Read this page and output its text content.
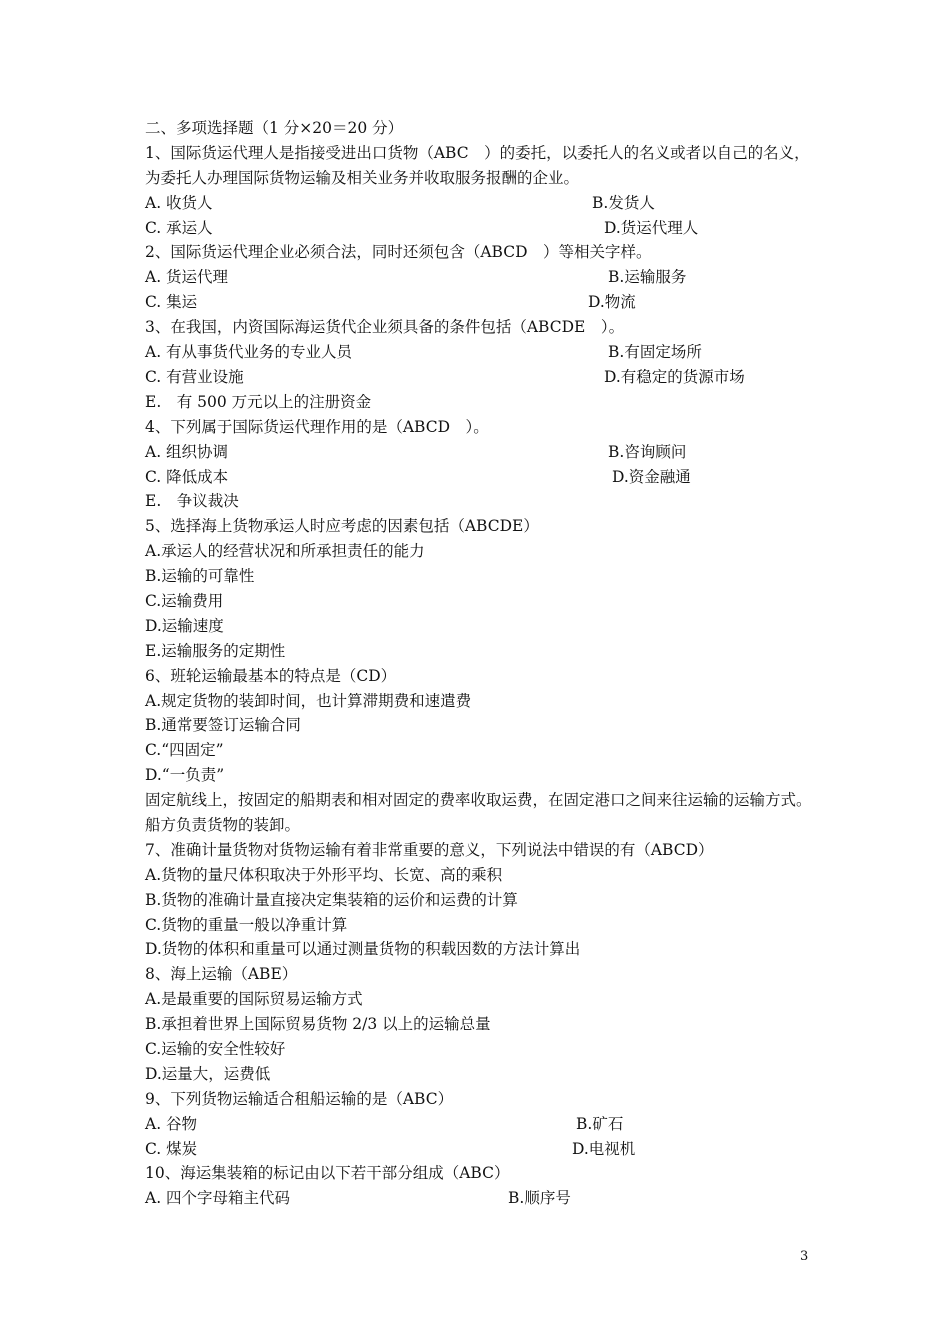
二、多项选择题（1 分×20＝20 分）
1、国际货运代理人是指接受进出口货物（ABC　）的委托，以委托人的名义或者以自己的名义，为委托人办理国际货物运输及相关业务并收取服务报酬的企业。
A. 收货人	B.发货人
C. 承运人	D.货运代理人
2、国际货运代理企业必须合法，同时还须包含（ABCD　）等相关字样。
A. 货运代理	B.运输服务
C. 集运	D.物流
3、在我国，内资国际海运货代企业须具备的条件包括（ABCDE　）。
A. 有从事货代业务的专业人员	B.有固定场所
C. 有营业设施	D.有稳定的货源市场
E.　有 500 万元以上的注册资金
4、下列属于国际货运代理作用的是（ABCD　）。
A. 组织协调	B.咨询顾问
C. 降低成本	D.资金融通
E.　争议裁决
5、选择海上货物承运人时应考虑的因素包括（ABCDE）
A.承运人的经营状况和所承担责任的能力
B.运输的可靠性
C.运输费用
D.运输速度
E.运输服务的定期性
6、班轮运输最基本的特点是（CD）
A.规定货物的装卸时间，也计算滞期费和速遣费
B.通常要签订运输合同
C.“四固定”
D.“一负责”
固定航线上，按固定的船期表和相对固定的费率收取运费，在固定港口之间来往运输的运输方式。船方负责货物的装卸。
7、准确计量货物对货物运输有着非常重要的意义，下列说法中错误的有（ABCD）
A.货物的量尺体积取决于外形平均、长宽、高的乘积
B.货物的准确计量直接决定集装箱的运价和运费的计算
C.货物的重量一般以净重计算
D.货物的体积和重量可以通过测量货物的积载因数的方法计算出
8、海上运输（ABE）
A.是最重要的国际贸易运输方式
B.承担着世界上国际贸易货物 2/3 以上的运输总量
C.运输的安全性较好
D.运量大，运费低
9、下列货物运输适合租船运输的是（ABC）
A. 谷物	B.矿石
C. 煤炭	D.电视机
10、海运集装箱的标记由以下若干部分组成（ABC）
A. 四个字母箱主代码	B.顺序号
3
